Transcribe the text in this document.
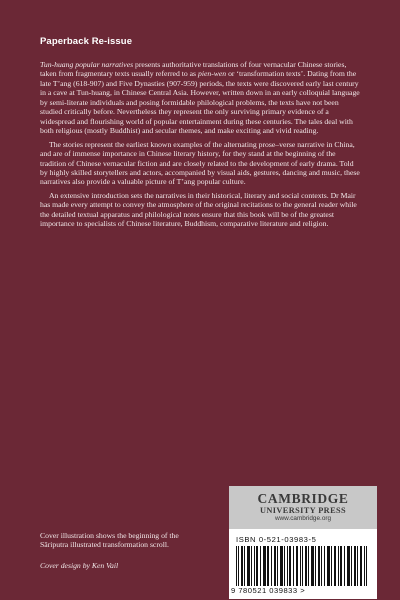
Paperback Re-issue

Tun-huang popular narratives presents authoritative translations of four vernacular Chinese stories, taken from fragmentary texts usually referred to as pien-wen or ‘transformation texts’. Dating from the late T’ang (618-907) and Five Dynasties (907-959) periods, the texts were discovered early last century in a cave at Tun-huang, in Chinese Central Asia. However, written down in an early colloquial language by semi-literate individuals and posing formidable philological problems, the texts have not been studied critically before. Nevertheless they represent the only surviving primary evidence of a widespread and flourishing world of popular entertainment during these centuries. The tales deal with both religious (mostly Buddhist) and secular themes, and make exciting and vivid reading.

The stories represent the earliest known examples of the alternating prose–verse narrative in China, and are of immense importance in Chinese literary history, for they stand at the beginning of the tradition of Chinese vernacular fiction and are closely related to the development of early drama. Told by highly skilled storytellers and actors, accompanied by visual aids, gestures, dancing and music, these narratives also provide a valuable picture of T’ang popular culture.

An extensive introduction sets the narratives in their historical, literary and social contexts. Dr Mair has made every attempt to convey the atmosphere of the original recitations to the general reader while the detailed textual apparatus and philological notes ensure that this book will be of the greatest importance to specialists of Chinese literature, Buddhism, comparative literature and religion.

Cover illustration shows the beginning of the Sāriputra illustrated transformation scroll.
Cover design by Ken Vail
CAMBRIDGE
UNIVERSITY PRESS
www.cambridge.org
ISBN 0-521-03983-5
9 780521 039833 >
